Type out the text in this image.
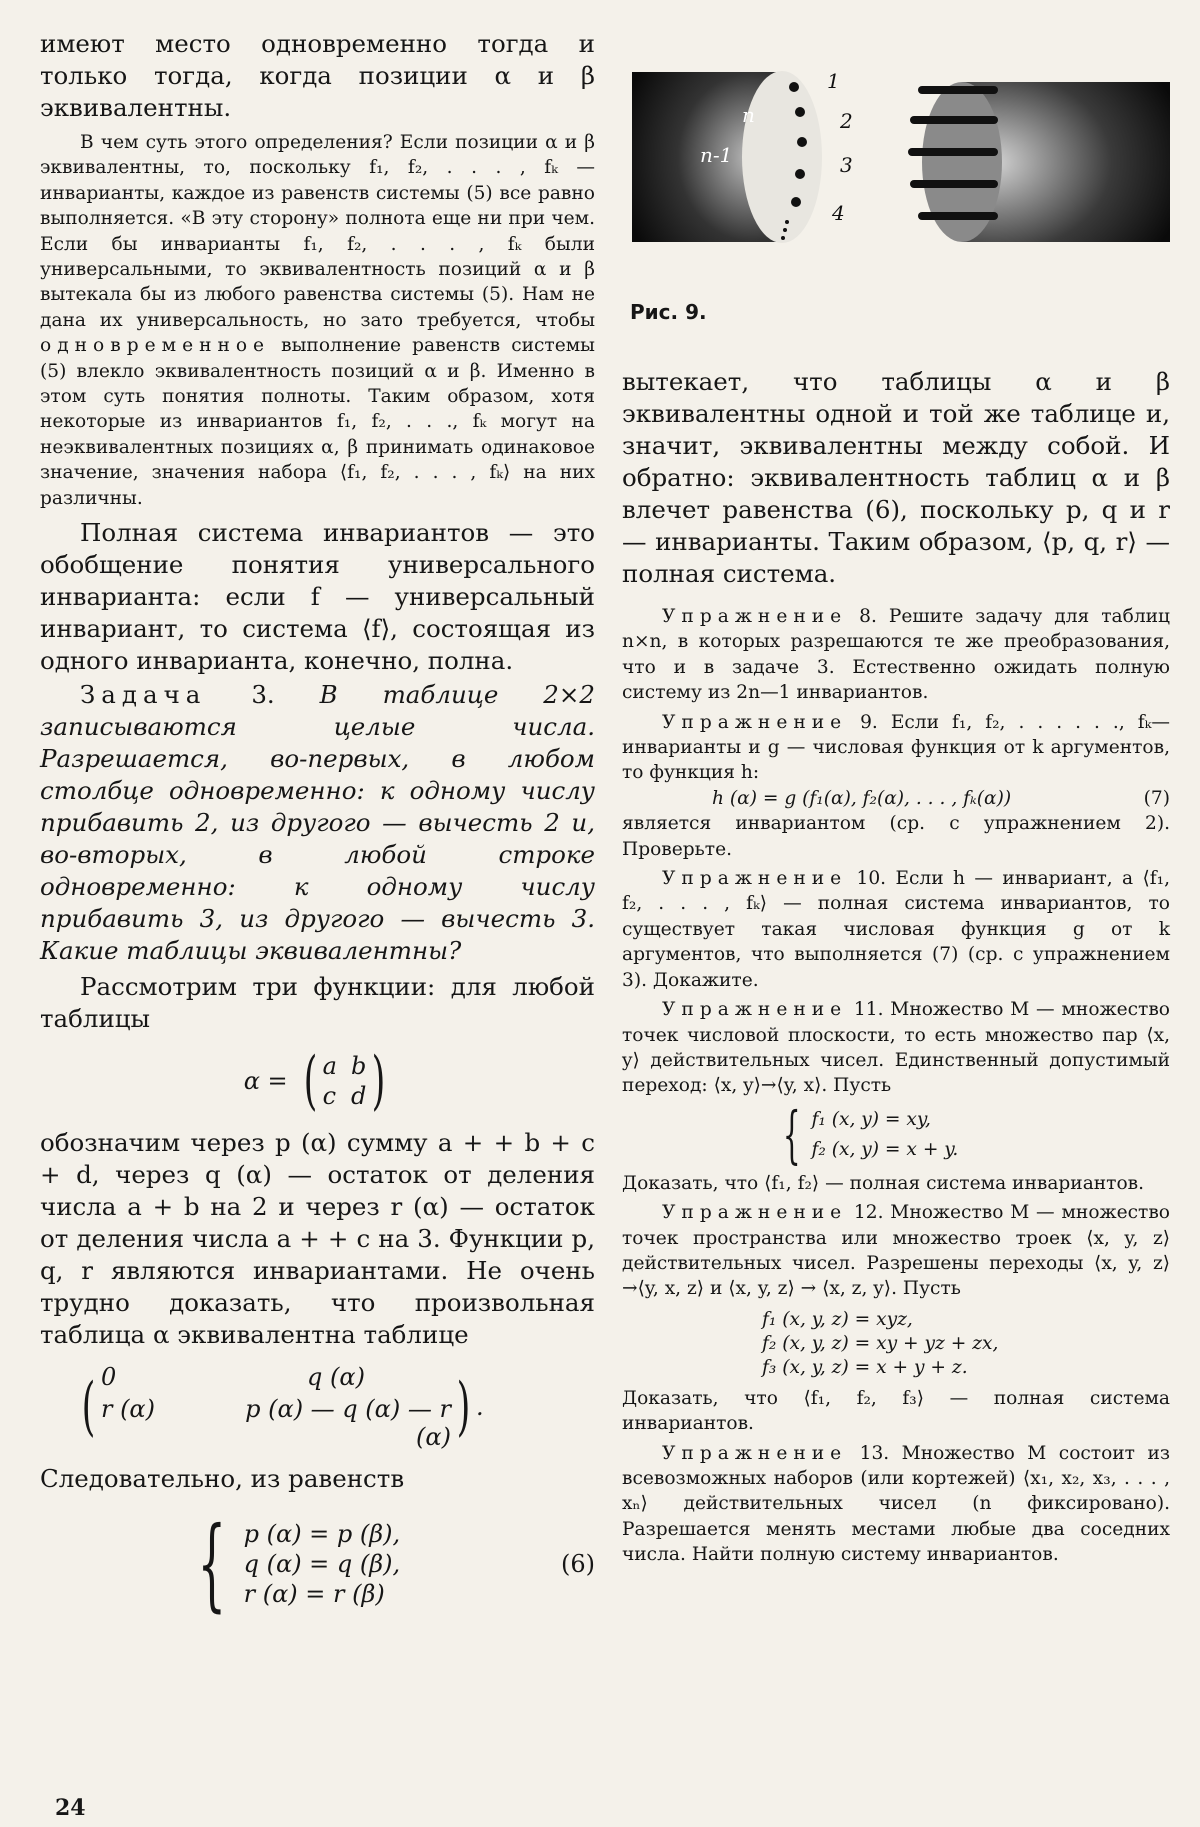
имеют место одновременно тогда и только тогда, когда позиции α и β эквивалентны.

В чем суть этого определения? Если позиции α и β эквивалентны, то, поскольку f₁, f₂, . . . , fₖ — инварианты, каждое из равенств системы (5) все равно выполняется. «В эту сторону» полнота еще ни при чем. Если бы инварианты f₁, f₂, . . . , fₖ были универсальными, то эквивалентность позиций α и β вытекала бы из любого равенства системы (5). Нам не дана их универсальность, но зато требуется, чтобы одновременное выполнение равенств системы (5) влекло эквивалентность позиций α и β. Именно в этом суть понятия полноты. Таким образом, хотя некоторые из инвариантов f₁, f₂, . . ., fₖ могут на неэквивалентных позициях α, β принимать одинаковое значение, значения набора ⟨f₁, f₂, . . . , fₖ⟩ на них различны.

Полная система инвариантов — это обобщение понятия универсального инварианта: если f — универсальный инвариант, то система ⟨f⟩, состоящая из одного инварианта, конечно, полна.

Задача 3. В таблице 2×2 записываются целые числа. Разрешается, во-первых, в любом столбце одновременно: к одному числу прибавить 2, из другого — вычесть 2 и, во-вторых, в любой строке одновременно: к одному числу прибавить 3, из другого — вычесть 3. Какие таблицы эквивалентны?

Рассмотрим три функции: для любой таблицы

α = ( a b
c d )

обозначим через p (α) сумму a + + b + c + d, через q (α) — остаток от деления числа a + b на 2 и через r (α) — остаток от деления числа a + + c на 3. Функции p, q, r являются инвариантами. Не очень трудно доказать, что произвольная таблица α эквивалентна таблице

( 0	q (α)
r (α)	p (α) — q (α) — r (α) ) .

Следовательно, из равенств

{ p (α) = p (β),
q (α) = q (β),
r (α) = r (β)
(6)
n
n-1
1
2
3
4
Рис. 9.

вытекает, что таблицы α и β эквивалентны одной и той же таблице и, значит, эквивалентны между собой. И обратно: эквивалентность таблиц α и β влечет равенства (6), поскольку p, q и r — инварианты. Таким образом, ⟨p, q, r⟩ — полная система.

Упражнение 8. Решите задачу для таблиц n×n, в которых разрешаются те же преобразования, что и в задаче 3. Естественно ожидать полную систему из 2n—1 инвариантов.

Упражнение 9. Если f₁, f₂, . . . . . ., fₖ—инварианты и g — числовая функция от k аргументов, то функция h:

h (α) = g (f₁(α), f₂(α), . . . , fₖ(α))	(7)

является инвариантом (ср. с упражнением 2). Проверьте.

Упражнение 10. Если h — инвариант, а ⟨f₁, f₂, . . . , fₖ⟩ — полная система инвариантов, то существует такая числовая функция g от k аргументов, что выполняется (7) (ср. с упражнением 3). Докажите.

Упражнение 11. Множество M — множество точек числовой плоскости, то есть множество пар ⟨x, y⟩ действительных чисел. Единственный допустимый переход: ⟨x, y⟩→⟨y, x⟩. Пусть

{ f₁ (x, y) = xy,
f₂ (x, y) = x + y.

Доказать, что ⟨f₁, f₂⟩ — полная система инвариантов.

Упражнение 12. Множество M — множество точек пространства или множество троек ⟨x, y, z⟩ действительных чисел. Разрешены переходы ⟨x, y, z⟩→⟨y, x, z⟩ и ⟨x, y, z⟩ → ⟨x, z, y⟩. Пусть

f₁ (x, y, z) = xyz,
f₂ (x, y, z) = xy + yz + zx,
f₃ (x, y, z) = x + y + z.

Доказать, что ⟨f₁, f₂, f₃⟩ — полная система инвариантов.

Упражнение 13. Множество M состоит из всевозможных наборов (или кортежей) ⟨x₁, x₂, x₃, . . . , xₙ⟩ действительных чисел (n фиксировано). Разрешается менять местами любые два соседних числа. Найти полную систему инвариантов.

24
